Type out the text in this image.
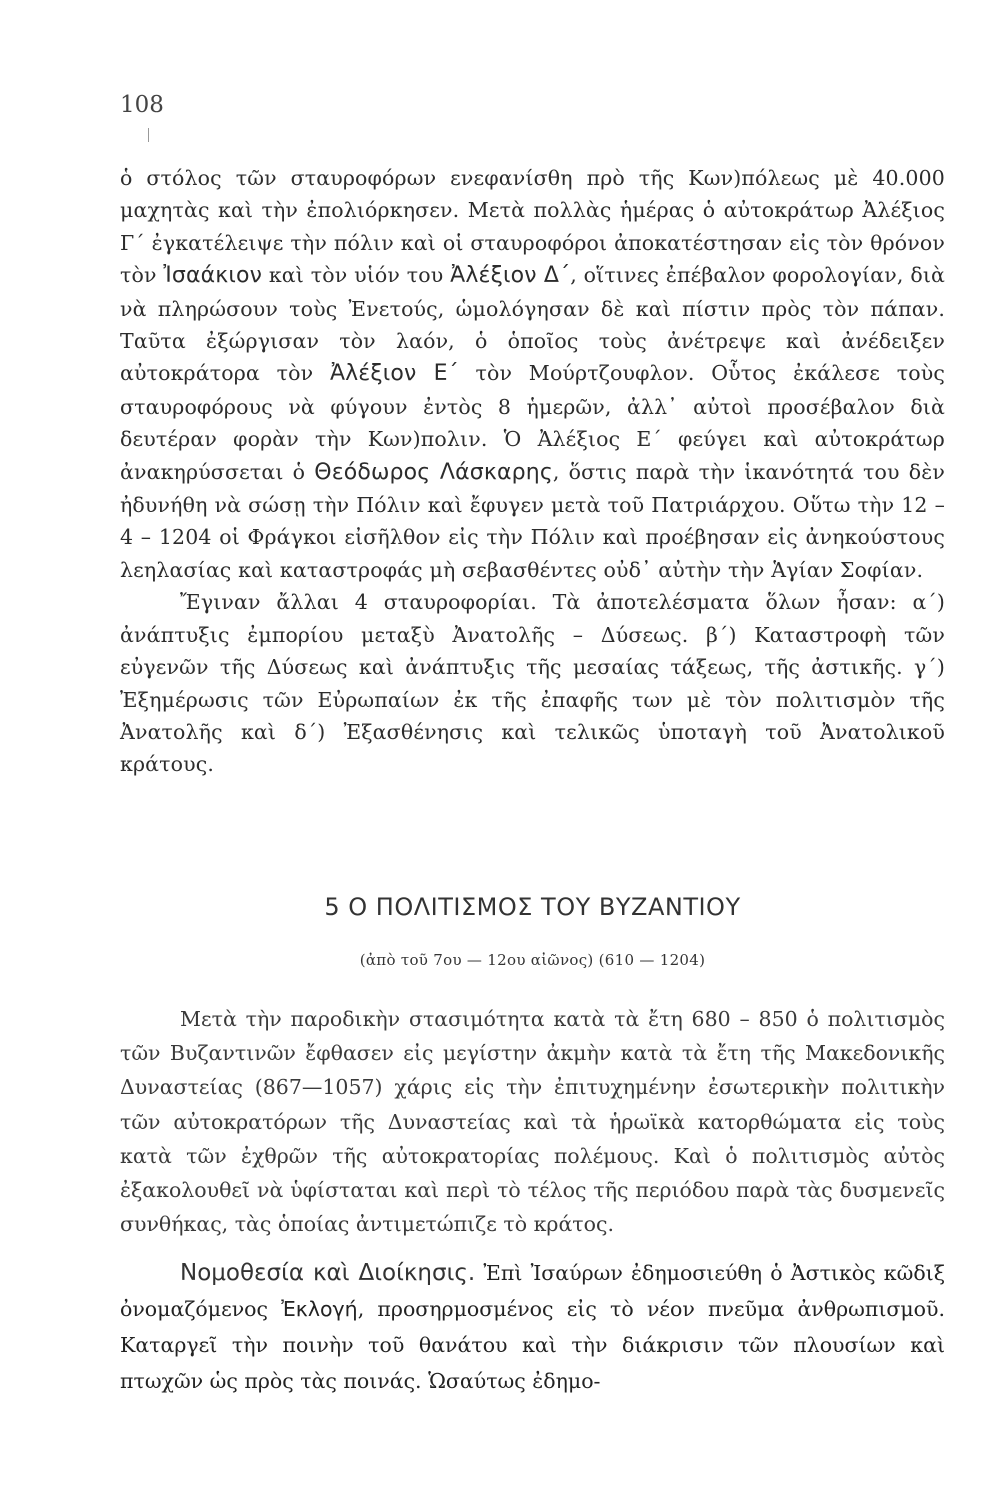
108

ὁ στόλος τῶν σταυροφόρων ενεφανίσθη πρὸ τῆς Κων)πόλεως μὲ 40.000 μαχητὰς καὶ τὴν ἐπολιόρκησεν. Μετὰ πολλὰς ἡμέρας ὁ αὐτοκράτωρ Ἀλέξιος Γ΄ ἐγκατέλειψε τὴν πόλιν καὶ οἱ σταυροφόροι ἀποκατέστησαν εἰς τὸν θρόνον τὸν Ἰσαάκιον καὶ τὸν υἱόν του Ἀλέξιον Δ΄, οἵτινες ἐπέβαλον φορολογίαν, διὰ νὰ πληρώσουν τοὺς Ἐνετούς, ὡμολόγησαν δὲ καὶ πίστιν πρὸς τὸν πάπαν. Ταῦτα ἐξώργισαν τὸν λαόν, ὁ ὁποῖος τοὺς ἀνέτρεψε καὶ ἀνέδειξεν αὐτοκράτορα τὸν Ἀλέξιον Ε΄ τὸν Μούρτζουφλον. Οὗτος ἐκάλεσε τοὺς σταυροφόρους νὰ φύγουν ἐντὸς 8 ἡμερῶν, ἀλλ᾽ αὐτοὶ προσέβαλον διὰ δευτέραν φορὰν τὴν Κων)πολιν. Ὁ Ἀλέξιος Ε΄ φεύγει καὶ αὐτοκράτωρ ἀνακηρύσσεται ὁ Θεόδωρος Λάσκαρης, ὅστις παρὰ τὴν ἱκανότητά του δὲν ἠδυνήθη νὰ σώσῃ τὴν Πόλιν καὶ ἔφυγεν μετὰ τοῦ Πατριάρχου. Οὕτω τὴν 12 – 4 – 1204 οἱ Φράγκοι εἰσῆλθον εἰς τὴν Πόλιν καὶ προέβησαν εἰς ἀνηκούστους λεηλασίας καὶ καταστροφάς μὴ σεβασθέντες οὐδ᾽ αὐτὴν τὴν Ἁγίαν Σοφίαν.

Ἔγιναν ἄλλαι 4 σταυροφορίαι. Τὰ ἀποτελέσματα ὅλων ἦσαν: α΄) ἀνάπτυξις ἐμπορίου μεταξὺ Ἀνατολῆς – Δύσεως. β΄) Καταστροφὴ τῶν εὐγενῶν τῆς Δύσεως καὶ ἀνάπτυξις τῆς μεσαίας τάξεως, τῆς ἀστικῆς. γ΄) Ἐξημέρωσις τῶν Εὐρωπαίων ἐκ τῆς ἐπαφῆς των μὲ τὸν πολιτισμὸν τῆς Ἀνατολῆς καὶ δ΄) Ἐξασθένησις καὶ τελικῶς ὑποταγὴ τοῦ Ἀνατολικοῦ κράτους.

5 Ο ΠΟΛΙΤΙΣΜΟΣ ΤΟΥ ΒΥΖΑΝΤΙΟΥ
(ἀπὸ τοῦ 7ου — 12ου αἰῶνος) (610 — 1204)

Μετὰ τὴν παροδικὴν στασιμότητα κατὰ τὰ ἔτη 680 – 850 ὁ πολιτισμὸς τῶν Βυζαντινῶν ἔφθασεν εἰς μεγίστην ἀκμὴν κατὰ τὰ ἔτη τῆς Μακεδονικῆς Δυναστείας (867—1057) χάρις εἰς τὴν ἐπιτυχημένην ἐσωτερικὴν πολιτικὴν τῶν αὐτοκρατόρων τῆς Δυναστείας καὶ τὰ ἡρωϊκὰ κατορθώματα εἰς τοὺς κατὰ τῶν ἐχθρῶν τῆς αὐτοκρατορίας πολέμους. Καὶ ὁ πολιτισμὸς αὐτὸς ἐξακολουθεῖ νὰ ὑφίσταται καὶ περὶ τὸ τέλος τῆς περιόδου παρὰ τὰς δυσμενεῖς συνθήκας, τὰς ὁποίας ἀντιμετώπιζε τὸ κράτος.

Νομοθεσία καὶ Διοίκησις. Ἐπὶ Ἰσαύρων ἐδημοσιεύθη ὁ Ἀστικὸς κῶδιξ ὀνομαζόμενος Ἐκλογή, προσηρμοσμένος εἰς τὸ νέον πνεῦμα ἀνθρωπισμοῦ. Καταργεῖ τὴν ποινὴν τοῦ θανάτου καὶ τὴν διάκρισιν τῶν πλουσίων καὶ πτωχῶν ὡς πρὸς τὰς ποινάς. Ὡσαύτως ἐδημο-
